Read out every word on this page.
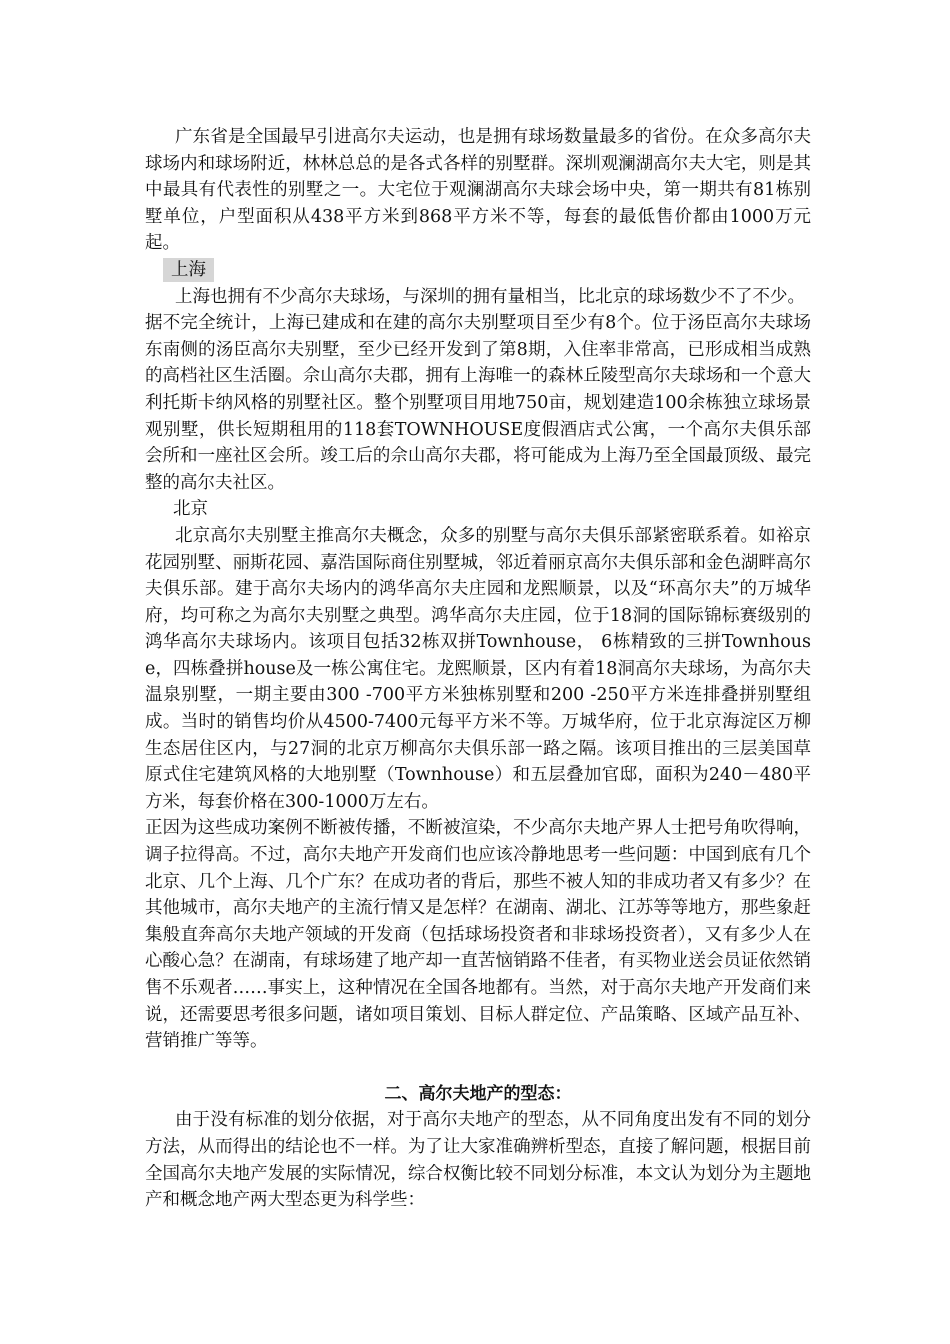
广东省是全国最早引进高尔夫运动，也是拥有球场数量最多的省份。在众多高尔夫球场内和球场附近，林林总总的是各式各样的别墅群。深圳观澜湖高尔夫大宅，则是其中最具有代表性的别墅之一。大宅位于观澜湖高尔夫球会场中央，第一期共有81栋别墅单位，户型面积从438平方米到868平方米不等，每套的最低售价都由1000万元起。

上海

上海也拥有不少高尔夫球场，与深圳的拥有量相当，比北京的球场数少不了不少。

据不完全统计，上海已建成和在建的高尔夫别墅项目至少有8个。位于汤臣高尔夫球场东南侧的汤臣高尔夫别墅，至少已经开发到了第8期，入住率非常高，已形成相当成熟的高档社区生活圈。佘山高尔夫郡，拥有上海唯一的森林丘陵型高尔夫球场和一个意大利托斯卡纳风格的别墅社区。整个别墅项目用地750亩，规划建造100余栋独立球场景观别墅，供长短期租用的118套TOWNHOUSE度假酒店式公寓，一个高尔夫俱乐部会所和一座社区会所。竣工后的佘山高尔夫郡，将可能成为上海乃至全国最顶级、最完整的高尔夫社区。

北京

北京高尔夫别墅主推高尔夫概念，众多的别墅与高尔夫俱乐部紧密联系着。如裕京花园别墅、丽斯花园、嘉浩国际商住别墅城，邻近着丽京高尔夫俱乐部和金色湖畔高尔夫俱乐部。建于高尔夫场内的鸿华高尔夫庄园和龙熙顺景，以及“环高尔夫”的万城华府，均可称之为高尔夫别墅之典型。鸿华高尔夫庄园，位于18洞的国际锦标赛级别的鸿华高尔夫球场内。该项目包括32栋双拼Townhouse， 6栋精致的三拼Townhouse，四栋叠拼house及一栋公寓住宅。龙熙顺景，区内有着18洞高尔夫球场，为高尔夫温泉别墅，一期主要由300 -700平方米独栋别墅和200 -250平方米连排叠拼别墅组成。当时的销售均价从4500-7400元每平方米不等。万城华府，位于北京海淀区万柳生态居住区内，与27洞的北京万柳高尔夫俱乐部一路之隔。该项目推出的三层美国草原式住宅建筑风格的大地别墅（Townhouse）和五层叠加官邸，面积为240－480平方米，每套价格在300-1000万左右。

正因为这些成功案例不断被传播，不断被渲染，不少高尔夫地产界人士把号角吹得响，调子拉得高。不过，高尔夫地产开发商们也应该冷静地思考一些问题：中国到底有几个北京、几个上海、几个广东？在成功者的背后，那些不被人知的非成功者又有多少？在其他城市，高尔夫地产的主流行情又是怎样？在湖南、湖北、江苏等等地方，那些象赶集般直奔高尔夫地产领域的开发商（包括球场投资者和非球场投资者），又有多少人在心酸心急？在湖南，有球场建了地产却一直苦恼销路不佳者，有买物业送会员证依然销售不乐观者……事实上，这种情况在全国各地都有。当然，对于高尔夫地产开发商们来说，还需要思考很多问题，诸如项目策划、目标人群定位、产品策略、区域产品互补、营销推广等等。

二、高尔夫地产的型态：

由于没有标准的划分依据，对于高尔夫地产的型态，从不同角度出发有不同的划分方法，从而得出的结论也不一样。为了让大家准确辨析型态，直接了解问题，根据目前全国高尔夫地产发展的实际情况，综合权衡比较不同划分标准，本文认为划分为主题地产和概念地产两大型态更为科学些：
